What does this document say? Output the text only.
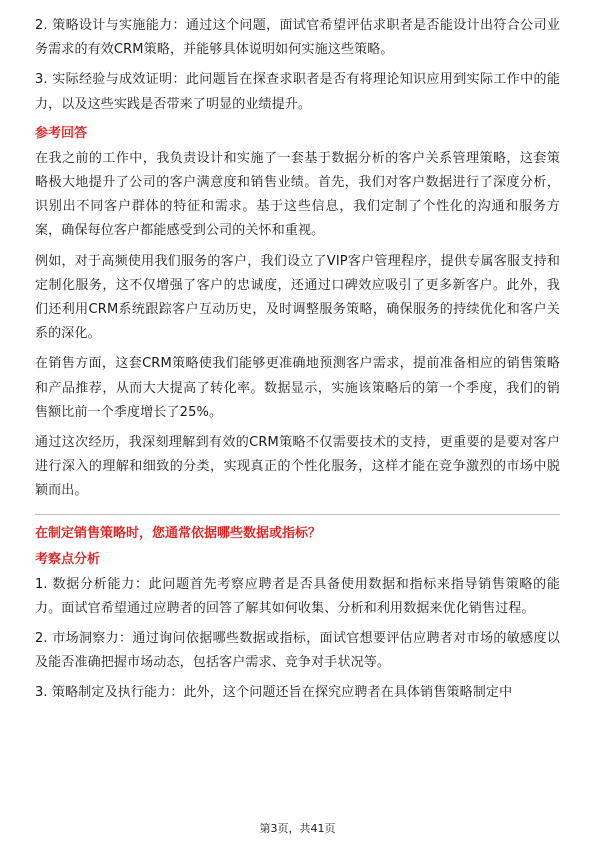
2. 策略设计与实施能力：通过这个问题，面试官希望评估求职者是否能设计出符合公司业务需求的有效CRM策略，并能够具体说明如何实施这些策略。

3. 实际经验与成效证明：此问题旨在探查求职者是否有将理论知识应用到实际工作中的能力，以及这些实践是否带来了明显的业绩提升。

参考回答

在我之前的工作中，我负责设计和实施了一套基于数据分析的客户关系管理策略，这套策略极大地提升了公司的客户满意度和销售业绩。首先，我们对客户数据进行了深度分析，识别出不同客户群体的特征和需求。基于这些信息，我们定制了个性化的沟通和服务方案，确保每位客户都能感受到公司的关怀和重视。

例如，对于高频使用我们服务的客户，我们设立了VIP客户管理程序，提供专属客服支持和定制化服务，这不仅增强了客户的忠诚度，还通过口碑效应吸引了更多新客户。此外，我们还利用CRM系统跟踪客户互动历史，及时调整服务策略，确保服务的持续优化和客户关系的深化。

在销售方面，这套CRM策略使我们能够更准确地预测客户需求，提前准备相应的销售策略和产品推荐，从而大大提高了转化率。数据显示，实施该策略后的第一个季度，我们的销售额比前一个季度增长了25%。

通过这次经历，我深刻理解到有效的CRM策略不仅需要技术的支持，更重要的是要对客户进行深入的理解和细致的分类，实现真正的个性化服务，这样才能在竞争激烈的市场中脱颖而出。

在制定销售策略时，您通常依据哪些数据或指标？
考察点分析

1. 数据分析能力：此问题首先考察应聘者是否具备使用数据和指标来指导销售策略的能力。面试官希望通过应聘者的回答了解其如何收集、分析和利用数据来优化销售过程。

2. 市场洞察力：通过询问依据哪些数据或指标，面试官想要评估应聘者对市场的敏感度以及能否准确把握市场动态，包括客户需求、竞争对手状况等。

3. 策略制定及执行能力：此外，这个问题还旨在探究应聘者在具体销售策略制定中

第3页，共41页
